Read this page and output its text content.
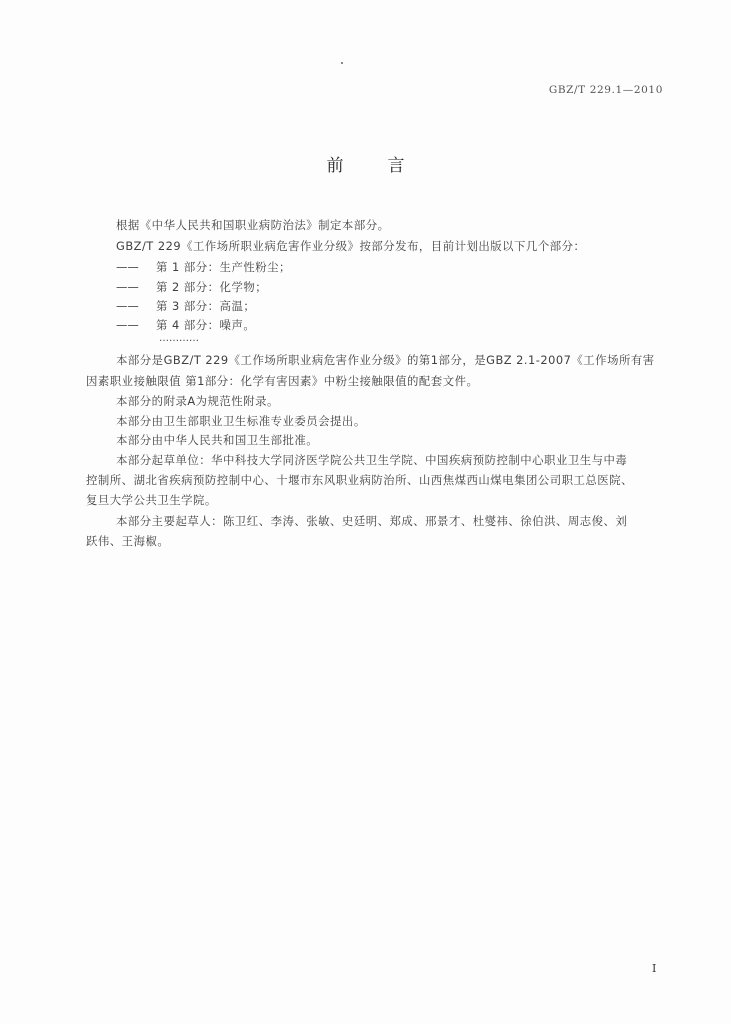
GBZ/T 229.1—2010
前	言
根据《中华人民共和国职业病防治法》制定本部分。
GBZ/T 229《工作场所职业病危害作业分级》按部分发布，目前计划出版以下几个部分：
—— 第 1 部分：生产性粉尘；
—— 第 2 部分：化学物；
—— 第 3 部分：高温；
—— 第 4 部分：噪声。
…………
本部分是GBZ/T 229《工作场所职业病危害作业分级》的第1部分，是GBZ 2.1-2007《工作场所有害
因素职业接触限值 第1部分：化学有害因素》中粉尘接触限值的配套文件。
本部分的附录A为规范性附录。
本部分由卫生部职业卫生标准专业委员会提出。
本部分由中华人民共和国卫生部批准。
本部分起草单位：华中科技大学同济医学院公共卫生学院、中国疾病预防控制中心职业卫生与中毒
控制所、湖北省疾病预防控制中心、十堰市东风职业病防治所、山西焦煤西山煤电集团公司职工总医院、
复旦大学公共卫生学院。
本部分主要起草人：陈卫红、李涛、张敏、史廷明、郑成、邢景才、杜燮祎、徐伯洪、周志俊、刘
跃伟、王海椒。
I
